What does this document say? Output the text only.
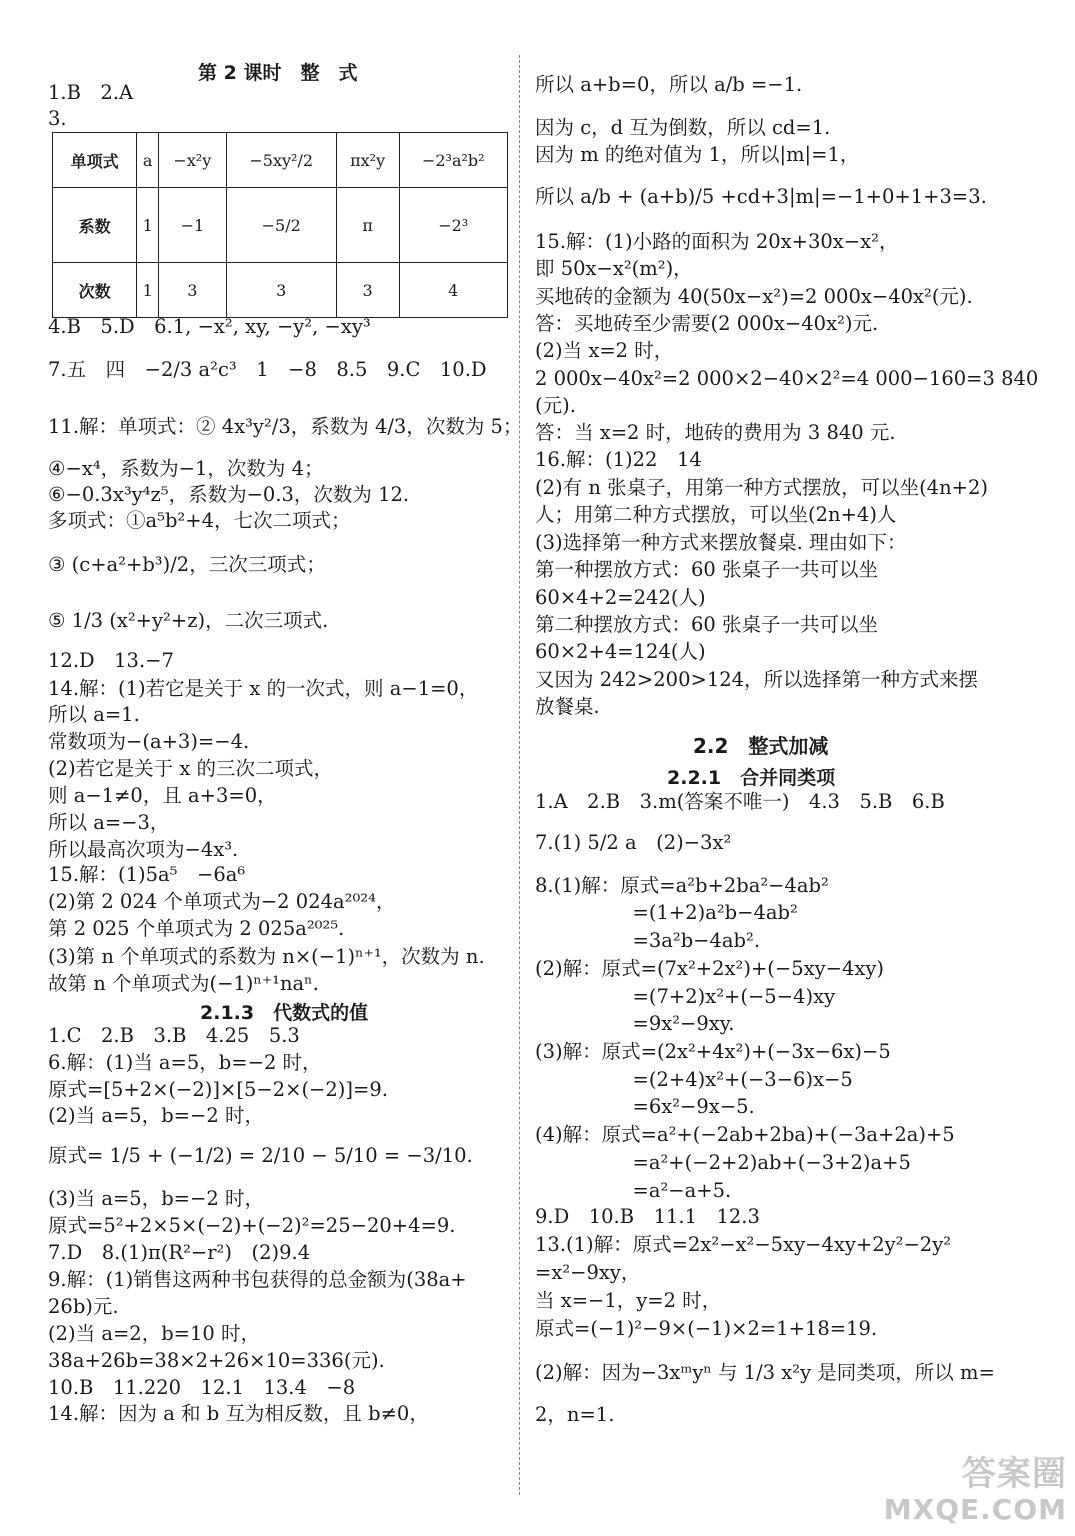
第 2 课时　整　式
1.B　2.A
3.
单项式	a	−x²y	−5xy²/2	πx²y	−2³a²b²
系数	1	−1	−5/2	π	−2³
次数	1	3	3	3	4
4.B　5.D　6.1, −x², xy, −y², −xy³
7.五　四　−2/3 a²c³　1　−8　8.5　9.C　10.D
11.解：单项式：② 4x³y²/3，系数为 4/3，次数为 5；
④−x⁴，系数为−1，次数为 4；
⑥−0.3x³y⁴z⁵，系数为−0.3，次数为 12.
多项式：①a⁵b²+4，七次二项式；
③ (c+a²+b³)/2，三次三项式；
⑤ 1/3 (x²+y²+z)，二次三项式.
12.D　13.−7
14.解：(1)若它是关于 x 的一次式，则 a−1=0，
所以 a=1.
常数项为−(a+3)=−4.
(2)若它是关于 x 的三次二项式，
则 a−1≠0，且 a+3=0，
所以 a=−3，
所以最高次项为−4x³.
15.解：(1)5a⁵　−6a⁶
(2)第 2 024 个单项式为−2 024a²⁰²⁴，
第 2 025 个单项式为 2 025a²⁰²⁵.
(3)第 n 个单项式的系数为 n×(−1)ⁿ⁺¹，次数为 n.
故第 n 个单项式为(−1)ⁿ⁺¹naⁿ.
2.1.3　代数式的值
1.C　2.B　3.B　4.25　5.3
6.解：(1)当 a=5，b=−2 时，
原式=[5+2×(−2)]×[5−2×(−2)]=9.
(2)当 a=5，b=−2 时，
原式= 1/5 + (−1/2) = 2/10 − 5/10 = −3/10.
(3)当 a=5，b=−2 时，
原式=5²+2×5×(−2)+(−2)²=25−20+4=9.
7.D　8.(1)π(R²−r²)　(2)9.4
9.解：(1)销售这两种书包获得的总金额为(38a+
26b)元.
(2)当 a=2，b=10 时，
38a+26b=38×2+26×10=336(元).
10.B　11.220　12.1　13.4　−8
14.解：因为 a 和 b 互为相反数，且 b≠0，
所以 a+b=0，所以 a/b =−1.
因为 c，d 互为倒数，所以 cd=1.
因为 m 的绝对值为 1，所以|m|=1，
所以 a/b + (a+b)/5 +cd+3|m|=−1+0+1+3=3.
15.解：(1)小路的面积为 20x+30x−x²，
即 50x−x²(m²)，
买地砖的金额为 40(50x−x²)=2 000x−40x²(元).
答：买地砖至少需要(2 000x−40x²)元.
(2)当 x=2 时，
2 000x−40x²=2 000×2−40×2²=4 000−160=3 840
(元).
答：当 x=2 时，地砖的费用为 3 840 元.
16.解：(1)22　14
(2)有 n 张桌子，用第一种方式摆放，可以坐(4n+2)
人；用第二种方式摆放，可以坐(2n+4)人
(3)选择第一种方式来摆放餐桌. 理由如下：
第一种摆放方式：60 张桌子一共可以坐
60×4+2=242(人)
第二种摆放方式：60 张桌子一共可以坐
60×2+4=124(人)
又因为 242>200>124，所以选择第一种方式来摆
放餐桌.
2.2　整式加减
2.2.1　合并同类项
1.A　2.B　3.m(答案不唯一)　4.3　5.B　6.B
7.(1) 5/2 a　(2)−3x²
8.(1)解：原式=a²b+2ba²−4ab²
　　　　　=(1+2)a²b−4ab²
　　　　　=3a²b−4ab².
(2)解：原式=(7x²+2x²)+(−5xy−4xy)
　　　　　=(7+2)x²+(−5−4)xy
　　　　　=9x²−9xy.
(3)解：原式=(2x²+4x²)+(−3x−6x)−5
　　　　　=(2+4)x²+(−3−6)x−5
　　　　　=6x²−9x−5.
(4)解：原式=a²+(−2ab+2ba)+(−3a+2a)+5
　　　　　=a²+(−2+2)ab+(−3+2)a+5
　　　　　=a²−a+5.
9.D　10.B　11.1　12.3
13.(1)解：原式=2x²−x²−5xy−4xy+2y²−2y²
=x²−9xy，
当 x=−1，y=2 时，
原式=(−1)²−9×(−1)×2=1+18=19.
(2)解：因为−3xᵐyⁿ 与 1/3 x²y 是同类项，所以 m=
2，n=1.
答案圈
MXQE.COM
